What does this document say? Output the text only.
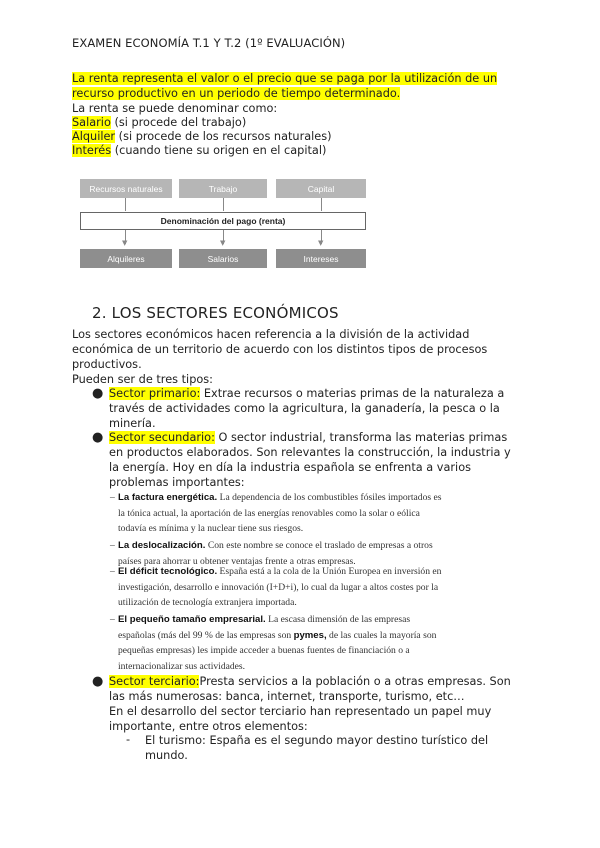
EXAMEN ECONOMÍA T.1 Y T.2 (1º EVALUACIÓN)

La renta representa el valor o el precio que se paga por la utilización de un recurso productivo en un periodo de tiempo determinado.

La renta se puede denominar como:

Salario (si procede del trabajo)

Alquiler (si procede de los recursos naturales)

Interés (cuando tiene su origen en el capital)

Recursos naturales	Trabajo	Capital
Denominación del pago (renta)
▼	▼	▼
Alquileres	Salarios	Intereses
2. LOS SECTORES ECONÓMICOS

Los sectores económicos hacen referencia a la división de la actividad económica de un territorio de acuerdo con los distintos tipos de procesos productivos.

Pueden ser de tres tipos:

● Sector primario: Extrae recursos o materias primas de la naturaleza a través de actividades como la agricultura, la ganadería, la pesca o la minería.

● Sector secundario: O sector industrial, transforma las materias primas en productos elaborados. Son relevantes la construcción, la industria y la energía. Hoy en día la industria española se enfrenta a varios problemas importantes:

– La factura energética. La dependencia de los combustibles fósiles importados es la tónica actual, la aportación de las energías renovables como la solar o eólica todavía es mínima y la nuclear tiene sus riesgos.
– La deslocalización. Con este nombre se conoce el traslado de empresas a otros países para ahorrar u obtener ventajas frente a otras empresas.
– El déficit tecnológico. España está a la cola de la Unión Europea en inversión en investigación, desarrollo e innovación (I+D+i), lo cual da lugar a altos costes por la utilización de tecnología extranjera importada.
– El pequeño tamaño empresarial. La escasa dimensión de las empresas españolas (más del 99 % de las empresas son pymes, de las cuales la mayoría son pequeñas empresas) les impide acceder a buenas fuentes de financiación o a internacionalizar sus actividades.
● Sector terciario:Presta servicios a la población o a otras empresas. Son las más numerosas: banca, internet, transporte, turismo, etc…

En el desarrollo del sector terciario han representado un papel muy importante, entre otros elementos:

- El turismo: España es el segundo mayor destino turístico del mundo.
